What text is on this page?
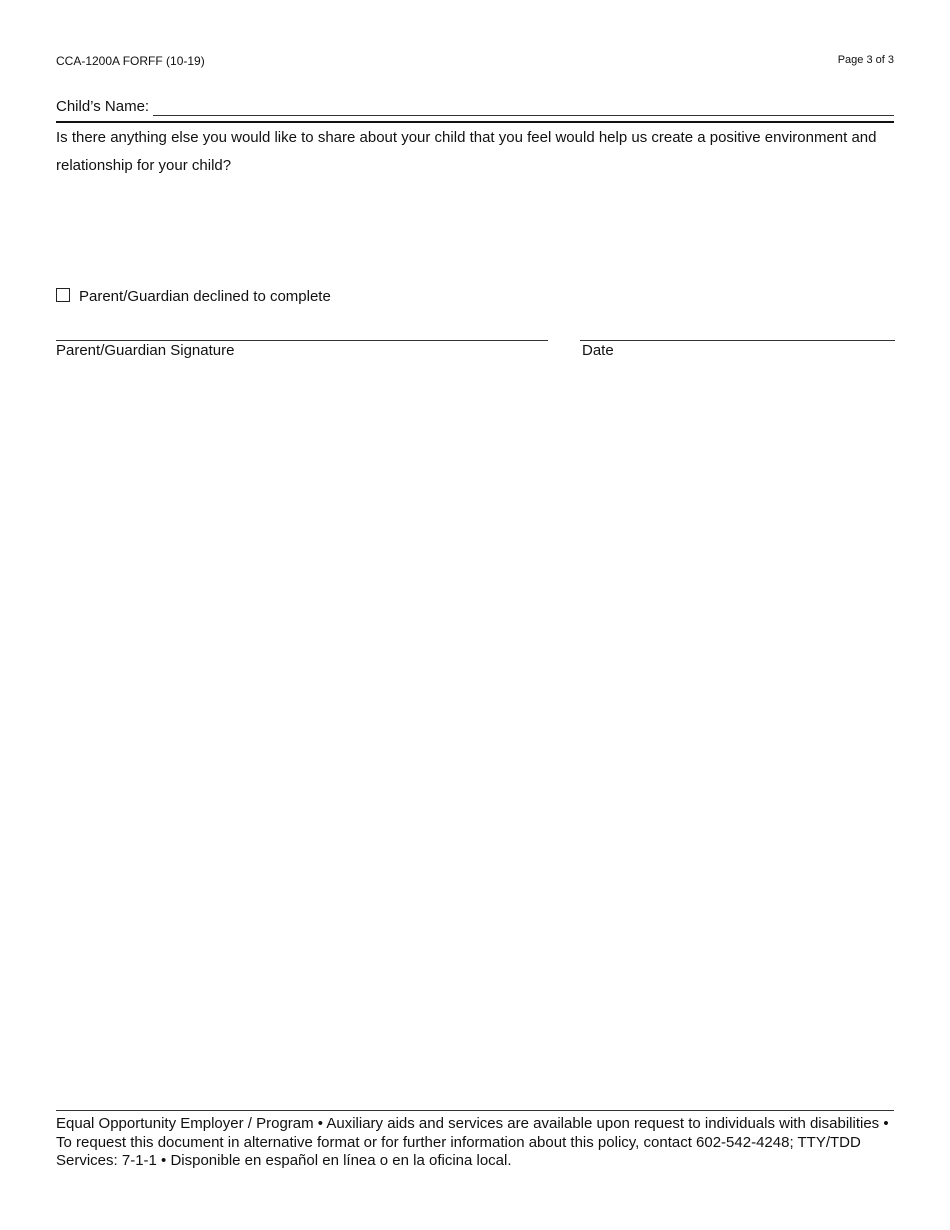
CCA-1200A FORFF (10-19)	Page 3 of 3
Child’s Name:
Is there anything else you would like to share about your child that you feel would help us create a positive environment and relationship for your child?
Parent/Guardian declined to complete
Parent/Guardian Signature	Date
Equal Opportunity Employer / Program • Auxiliary aids and services are available upon request to individuals with disabilities • To request this document in alternative format or for further information about this policy, contact 602-542-4248; TTY/TDD Services: 7-1-1 • Disponible en español en línea o en la oficina local.
